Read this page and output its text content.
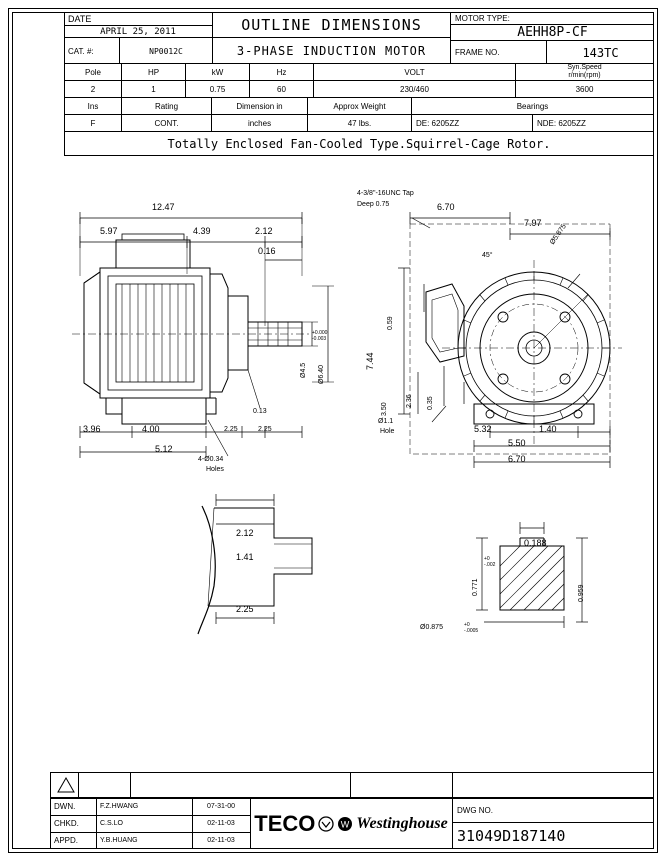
DATE
APRIL 25, 2011
CAT. #:	NP0012C
OUTLINE DIMENSIONS
3-PHASE INDUCTION MOTOR
MOTOR TYPE:
AEHH8P-CF
FRAME NO.	143TC
Pole	HP	kW	Hz	VOLT	Syn.Speed
r/min(rpm)
2	1	0.75	60	230/460	3600
Ins	Rating	Dimension in	Approx Weight	Bearings
F	CONT.	inches	47 lbs.	DE: 6205ZZ	NDE: 6205ZZ
Totally Enclosed Fan-Cooled Type.Squirrel-Cage Rotor.
12.47
5.97	4.39	2.12
0.16
3.96	4.00	2.25	2.25
5.12
0.13
Ø4.5
+0.000
-0.003
Ø6.40
4-Ø0.34
Holes
4-3/8"-16UNC Tap
Deep 0.75	6.70
7.97
7.44
0.59
3.50
2.36 0.35
5.32	1.40
5.50
6.70
Ø5.875
45°
Ø1.1
Hole
2.12
1.41
2.25
0.188
0.771
+0
-.002
0.959
Ø0.875	+0
-.0005
DWN.	F.Z.HWANG	07-31-00
CHKD.	C.S.LO	02-11-03
APPD.	Y.B.HUANG	02-11-03
TECO	W Westinghouse
DWG NO.
31049D187140
